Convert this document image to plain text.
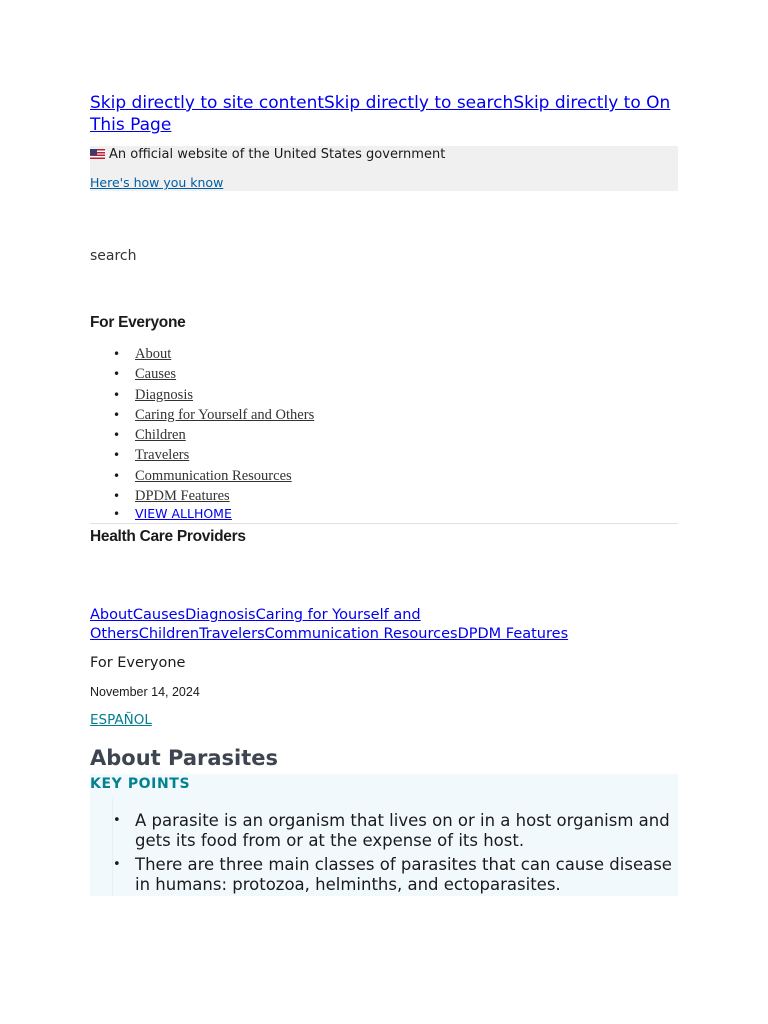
Skip directly to site contentSkip directly to searchSkip directly to On This Page
An official website of the United States government
Here's how you know
search
For Everyone
• About
• Causes
• Diagnosis
• Caring for Yourself and Others
• Children
• Travelers
• Communication Resources
• DPDM Features
• VIEW ALLHOME
Health Care Providers
AboutCausesDiagnosisCaring for Yourself and OthersChildrenTravelersCommunication ResourcesDPDM Features
For Everyone
November 14, 2024
ESPAÑOL
About Parasites
KEY POINTS
• A parasite is an organism that lives on or in a host organism and gets its food from or at the expense of its host.
• There are three main classes of parasites that can cause disease in humans: protozoa, helminths, and ectoparasites.
